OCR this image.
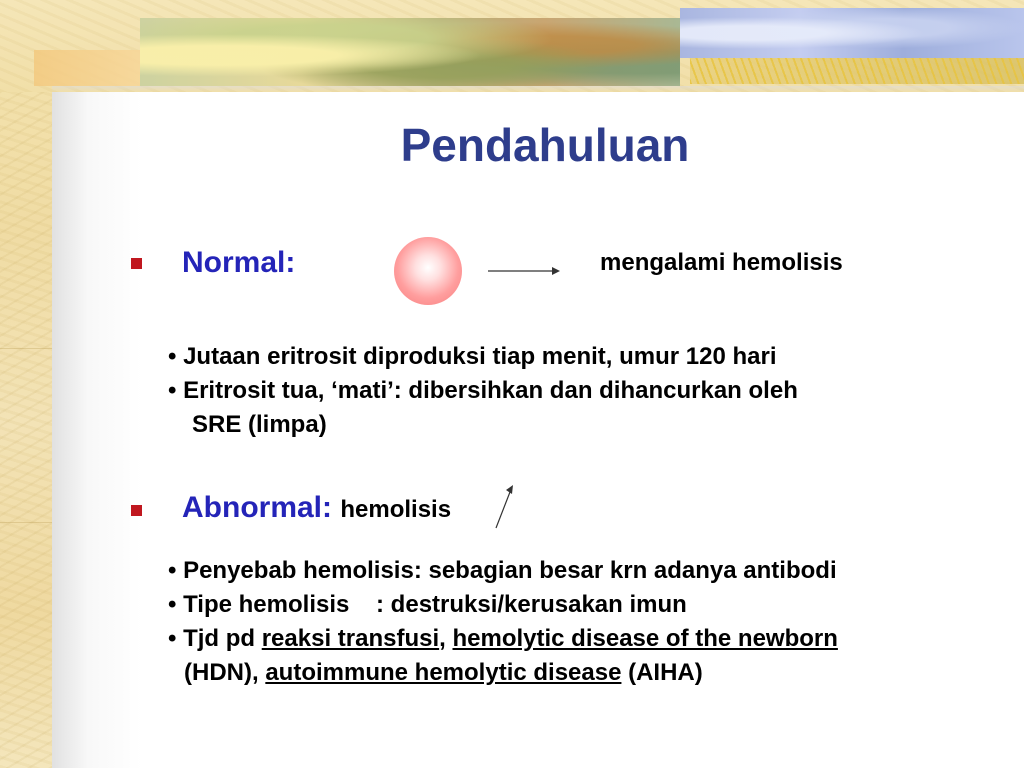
Pendahuluan
Normal:	mengalami hemolisis
• Jutaan eritrosit diproduksi tiap menit, umur 120 hari
• Eritrosit tua, ‘mati’: dibersihkan dan dihancurkan oleh
SRE (limpa)
Abnormal: hemolisis
• Penyebab hemolisis: sebagian besar krn adanya antibodi
• Tipe hemolisis    : destruksi/kerusakan imun
• Tjd pd reaksi transfusi, hemolytic disease of the newborn
(HDN), autoimmune hemolytic disease (AIHA)
